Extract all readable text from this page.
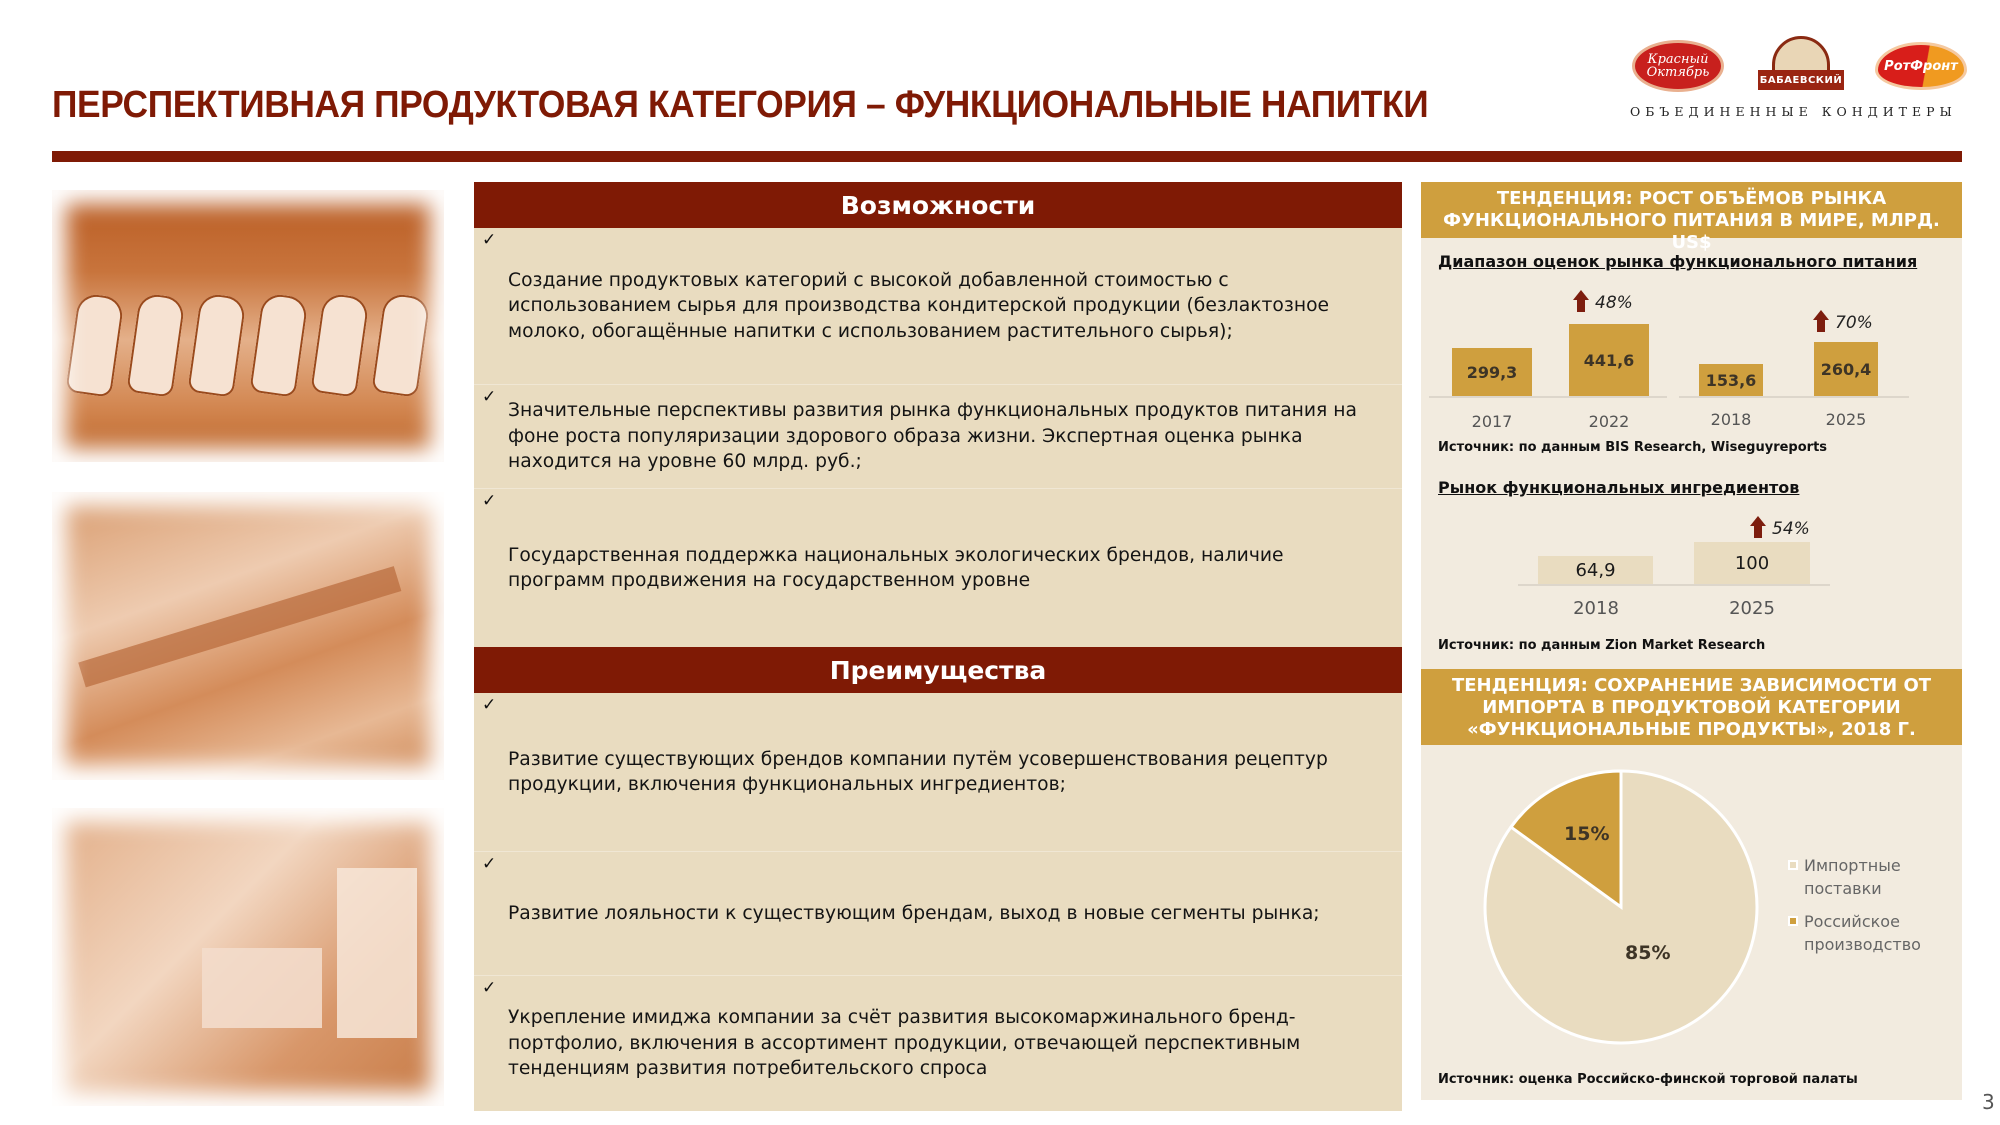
ПЕРСПЕКТИВНАЯ ПРОДУКТОВАЯ КАТЕГОРИЯ – ФУНКЦИОНАЛЬНЫЕ НАПИТКИ
Красный Октябрь	БАБАЕВСКИЙ
РотФронт
ОБЪЕДИНЕННЫЕ КОНДИТЕРЫ
Возможности
✓
Создание продуктовых категорий с высокой добавленной стоимостью с использованием сырья для производства кондитерской продукции (безлактозное молоко, обогащённые напитки с использованием растительного сырья);
✓
Значительные перспективы развития рынка функциональных продуктов питания на фоне роста популяризации здорового образа жизни. Экспертная оценка рынка находится на уровне 60 млрд. руб.;
✓
Государственная поддержка национальных экологических брендов, наличие программ продвижения на государственном уровне
Преимущества
✓
Развитие существующих брендов компании путём усовершенствования рецептур продукции, включения функциональных ингредиентов;
✓
Развитие лояльности к существующим брендам, выход в новые сегменты рынка;
✓
Укрепление имиджа компании за счёт развития высокомаржинального бренд-портфолио, включения в ассортимент продукции, отвечающей перспективным тенденциям развития потребительского спроса
ТЕНДЕНЦИЯ: РОСТ ОБЪЁМОВ РЫНКА
ФУНКЦИОНАЛЬНОГО ПИТАНИЯ В МИРЕ, МЛРД. US$
Диапазон оценок рынка функционального питания
299,3
441,6
48%
2017	2022
153,6
260,4
70%
2018	2025
Источник: по данным BIS Research, Wiseguyreports
Рынок функциональных ингредиентов
64,9	100
54%
2018	2025
Источник: по данным Zion Market Research
ТЕНДЕНЦИЯ: СОХРАНЕНИЕ ЗАВИСИМОСТИ ОТ
ИМПОРТА В ПРОДУКТОВОЙ КАТЕГОРИИ
«ФУНКЦИОНАЛЬНЫЕ ПРОДУКТЫ», 2018 Г.
15%
85%
Импортные поставки
Российское производство
Источник: оценка Российско-финской торговой палаты
3
